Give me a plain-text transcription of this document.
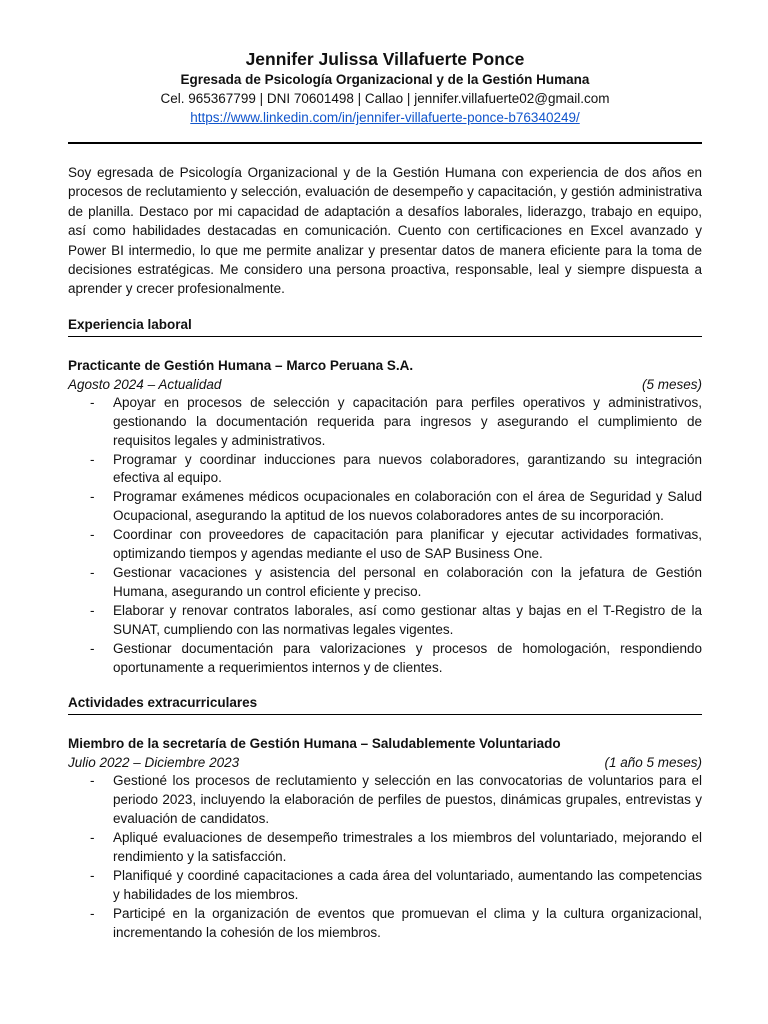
Jennifer Julissa Villafuerte Ponce
Egresada de Psicología Organizacional y de la Gestión Humana
Cel. 965367799 | DNI 70601498 | Callao | jennifer.villafuerte02@gmail.com
https://www.linkedin.com/in/jennifer-villafuerte-ponce-b76340249/

Soy egresada de Psicología Organizacional y de la Gestión Humana con experiencia de dos años en procesos de reclutamiento y selección, evaluación de desempeño y capacitación, y gestión administrativa de planilla. Destaco por mi capacidad de adaptación a desafíos laborales, liderazgo, trabajo en equipo, así como habilidades destacadas en comunicación. Cuento con certificaciones en Excel avanzado y Power BI intermedio, lo que me permite analizar y presentar datos de manera eficiente para la toma de decisiones estratégicas. Me considero una persona proactiva, responsable, leal y siempre dispuesta a aprender y crecer profesionalmente.

Experiencia laboral
Practicante de Gestión Humana – Marco Peruana S.A.
Agosto 2024 – Actualidad	(5 meses)
- Apoyar en procesos de selección y capacitación para perfiles operativos y administrativos, gestionando la documentación requerida para ingresos y asegurando el cumplimiento de requisitos legales y administrativos.
- Programar y coordinar inducciones para nuevos colaboradores, garantizando su integración efectiva al equipo.
- Programar exámenes médicos ocupacionales en colaboración con el área de Seguridad y Salud Ocupacional, asegurando la aptitud de los nuevos colaboradores antes de su incorporación.
- Coordinar con proveedores de capacitación para planificar y ejecutar actividades formativas, optimizando tiempos y agendas mediante el uso de SAP Business One.
- Gestionar vacaciones y asistencia del personal en colaboración con la jefatura de Gestión Humana, asegurando un control eficiente y preciso.
- Elaborar y renovar contratos laborales, así como gestionar altas y bajas en el T-Registro de la SUNAT, cumpliendo con las normativas legales vigentes.
- Gestionar documentación para valorizaciones y procesos de homologación, respondiendo oportunamente a requerimientos internos y de clientes.
Actividades extracurriculares
Miembro de la secretaría de Gestión Humana – Saludablemente Voluntariado
Julio 2022 – Diciembre 2023	(1 año 5 meses)
- Gestioné los procesos de reclutamiento y selección en las convocatorias de voluntarios para el periodo 2023, incluyendo la elaboración de perfiles de puestos, dinámicas grupales, entrevistas y evaluación de candidatos.
- Apliqué evaluaciones de desempeño trimestrales a los miembros del voluntariado, mejorando el rendimiento y la satisfacción.
- Planifiqué y coordiné capacitaciones a cada área del voluntariado, aumentando las competencias y habilidades de los miembros.
- Participé en la organización de eventos que promuevan el clima y la cultura organizacional, incrementando la cohesión de los miembros.
